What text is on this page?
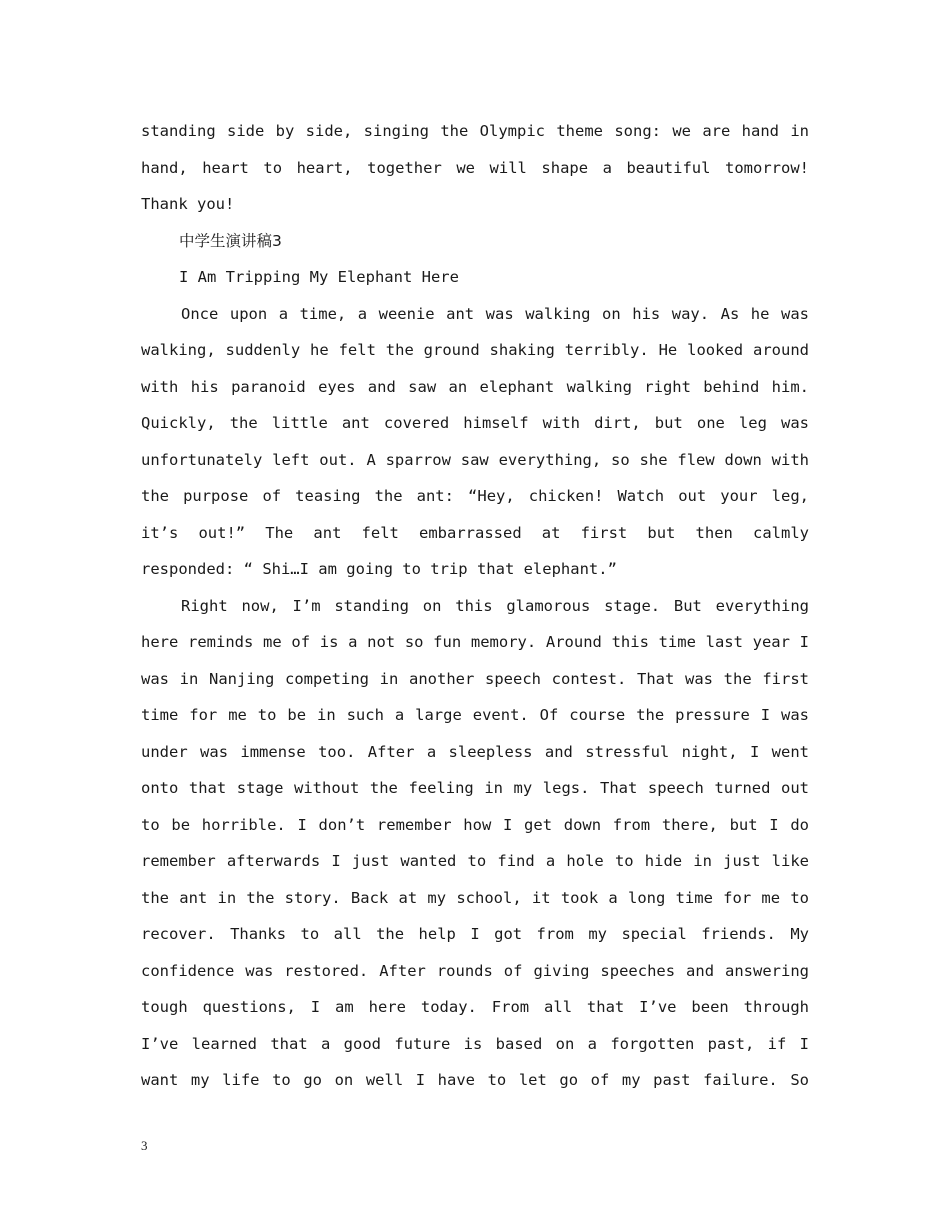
standing side by side, singing the Olympic theme song: we are hand in
hand, heart to heart, together we will shape a beautiful tomorrow!
Thank you!
中学生演讲稿3
I Am Tripping My Elephant Here
Once upon a time, a weenie ant was walking on his way. As he was
walking, suddenly he felt the ground shaking terribly. He looked around
with his paranoid eyes and saw an elephant walking right behind him.
Quickly, the little ant covered himself with dirt, but one leg was
unfortunately left out. A sparrow saw everything, so she flew down with
the purpose of teasing the ant: “Hey, chicken! Watch out your leg,
it’s out!” The ant felt embarrassed at first but then calmly
responded: “ Shi…I am going to trip that elephant.”
Right now, I’m standing on this glamorous stage. But everything
here reminds me of is a not so fun memory. Around this time last year I
was in Nanjing competing in another speech contest. That was the first
time for me to be in such a large event. Of course the pressure I was
under was immense too. After a sleepless and stressful night, I went
onto that stage without the feeling in my legs. That speech turned out
to be horrible. I don’t remember how I get down from there, but I do
remember afterwards I just wanted to find a hole to hide in just like
the ant in the story. Back at my school, it took a long time for me to
recover. Thanks to all the help I got from my special friends. My
confidence was restored. After rounds of giving speeches and answering
tough questions, I am here today. From all that I’ve been through
I’ve learned that a good future is based on a forgotten past, if I
want my life to go on well I have to let go of my past failure. So
3
